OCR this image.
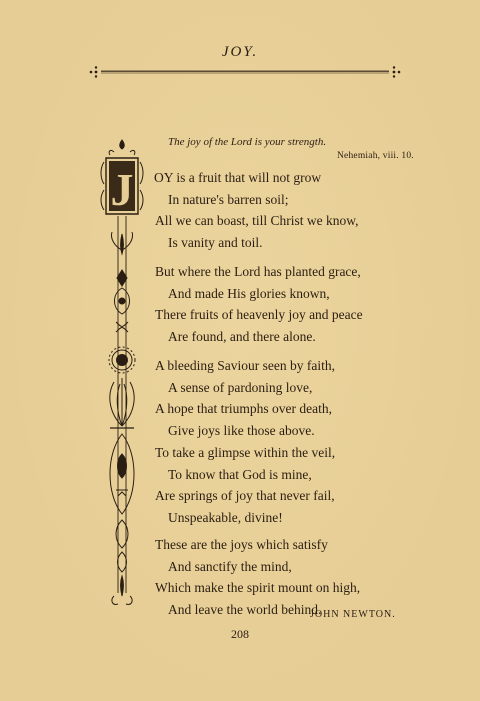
JOY.
The joy of the Lord is your strength.
Nehemiah, viii. 10.
J OY is a fruit that will not grow
In nature's barren soil;
All we can boast, till Christ we know,
Is vanity and toil.
But where the Lord has planted grace,
And made His glories known,
There fruits of heavenly joy and peace
Are found, and there alone.
A bleeding Saviour seen by faith,
A sense of pardoning love,
A hope that triumphs over death,
Give joys like those above.
To take a glimpse within the veil,
To know that God is mine,
Are springs of joy that never fail,
Unspeakable, divine!
These are the joys which satisfy
And sanctify the mind,
Which make the spirit mount on high,
And leave the world behind.
JOHN NEWTON.
208
